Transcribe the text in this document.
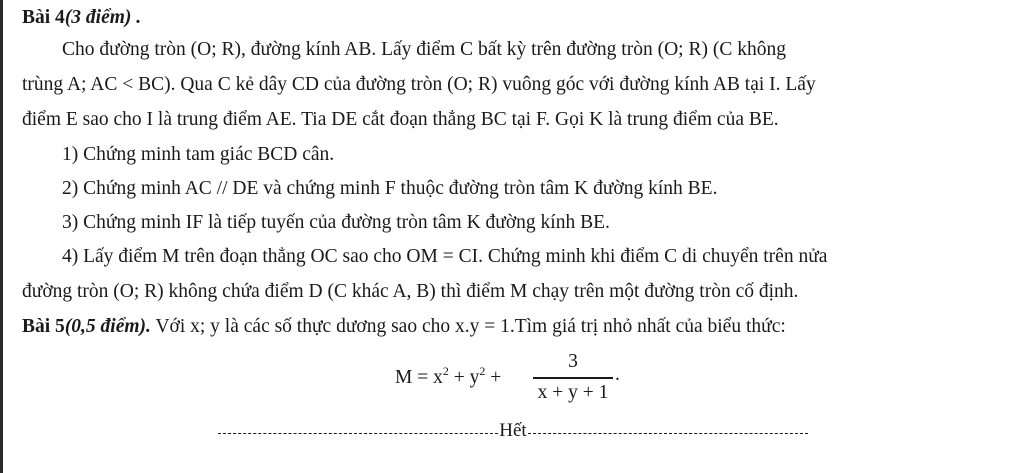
Bài 4(3 điểm) .
Cho đường tròn (O; R), đường kính AB. Lấy điểm C bất kỳ trên đường tròn (O; R) (C không
trùng A; AC < BC). Qua C kẻ dây CD của đường tròn (O; R) vuông góc với đường kính AB tại I. Lấy
điểm E sao cho I là trung điểm AE. Tia DE cắt đoạn thẳng BC tại F. Gọi K là trung điểm của BE.
1) Chứng minh tam giác BCD cân.
2) Chứng minh AC // DE và chứng minh F thuộc đường tròn tâm K đường kính BE.
3) Chứng minh IF là tiếp tuyến của đường tròn tâm K đường kính BE.
4) Lấy điểm M trên đoạn thẳng OC sao cho OM = CI. Chứng minh khi điểm C di chuyển trên nửa
đường tròn (O; R) không chứa điểm D (C khác A, B) thì điểm M chạy trên một đường tròn cố định.
Bài 5(0,5 điểm). Với x; y là các số thực dương sao cho x.y = 1.Tìm giá trị nhỏ nhất của biểu thức:
$M = x^2 + y^2$ +
3
x + y + 1
.
Hết
